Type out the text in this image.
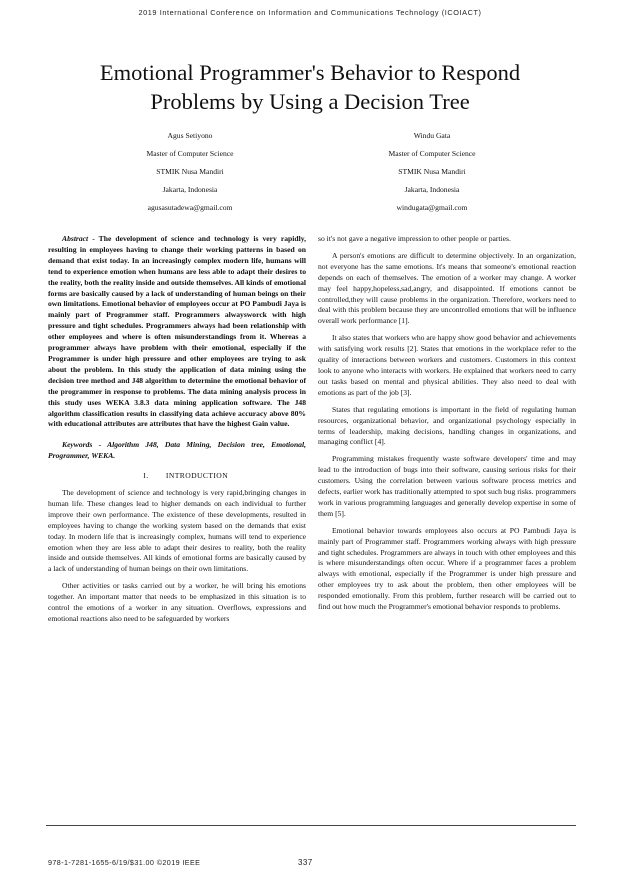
2019 International Conference on Information and Communications Technology (ICOIACT)
Emotional Programmer's Behavior to Respond
Problems by Using a Decision Tree
Agus Setiyono
Master of Computer Science
STMIK Nusa Mandiri
Jakarta, Indonesia
agusasutadewa@gmail.com
Windu Gata
Master of Computer Science
STMIK Nusa Mandiri
Jakarta, Indonesia
windugata@gmail.com

Abstract - The development of science and technology is very rapidly, resulting in employees having to change their working patterns in based on demand that exist today. In an increasingly complex modern life, humans will tend to experience emotion when humans are less able to adapt their desires to the reality, both the reality inside and outside themselves. All kinds of emotional forms are basically caused by a lack of understanding of human beings on their own limitations. Emotional behavior of employees occur at PO Pambudi Jaya is mainly part of Programmer staff. Programmers alwaysworck with high pressure and tight schedules. Programmers always had been relationship with other employees and where is often misunderstandings from it. Whereas a programmer always have problem with their emotional, especially if the Programmer is under high pressure and other employees are trying to ask about the problem. In this study the application of data mining using the decision tree method and J48 algorithm to determine the emotional behavior of the programmer in response to problems. The data mining analysis process in this study uses WEKA 3.8.3 data mining application software. The J48 algorithm classification results in classifying data achieve accuracy above 80% with educational attributes are attributes that have the highest Gain value.

Keywords - Algorithm J48, Data Mining, Decision tree, Emotional, Programmer, WEKA.

I. INTRODUCTION

The development of science and technology is very rapid,bringing changes in human life. These changes lead to higher demands on each individual to further improve their own performance. The existence of these developments, resulted in employees having to change the working system based on the demands that exist today. In modern life that is increasingly complex, humans will tend to experience emotion when they are less able to adapt their desires to reality, both the reality inside and outside themselves. All kinds of emotional forms are basically caused by a lack of understanding of human beings on their own limitations.

Other activities or tasks carried out by a worker, he will bring his emotions together. An important matter that needs to be emphasized in this situation is to control the emotions of a worker in any situation. Overflows, expressions and emotional reactions also need to be safeguarded by workers

so it's not gave a negative impression to other people or parties.

A person's emotions are difficult to determine objectively. In an organization, not everyone has the same emotions. It's means that someone's emotional reaction depends on each of themselves. The emotion of a worker may change. A worker may feel happy,hopeless,sad,angry, and disappointed. If emotions cannot be controlled,they will cause problems in the organization. Therefore, workers need to deal with this problem because they are uncontrolled emotions that will be influence overall work performance [1].

It also states that workers who are happy show good behavior and achievements with satisfying work results [2]. States that emotions in the workplace refer to the quality of interactions between workers and customers. Customers in this context look to anyone who interacts with workers. He explained that workers need to carry out tasks based on mental and physical abilities. They also need to deal with emotions as part of the job [3].

States that regulating emotions is important in the field of regulating human resources, organizational behavior, and organizational psychology especially in terms of leadership, making decisions, handling changes in organizations, and managing conflict [4].

Programming mistakes frequently waste software developers' time and may lead to the introduction of bugs into their software, causing serious risks for their customers. Using the correlation between various software process metrics and defects, earlier work has traditionally attempted to spot such bug risks. programmers work in various programming languages and generally develop expertise in some of them [5].

Emotional behavior towards employees also occurs at PO Pambudi Jaya is mainly part of Programmer staff. Programmers working always with high pressure and tight schedules. Programmers are always in touch with other employees and this is where misunderstandings often occur. Where if a programmer faces a problem always with emotional, especially if the Programmer is under high pressure and other employees try to ask about the problem, then other employees will be responded emotionally. From this problem, further research will be carried out to find out how much the Programmer's emotional behavior responds to problems.

978-1-7281-1655-6/19/$31.00 ©2019 IEEE	337
